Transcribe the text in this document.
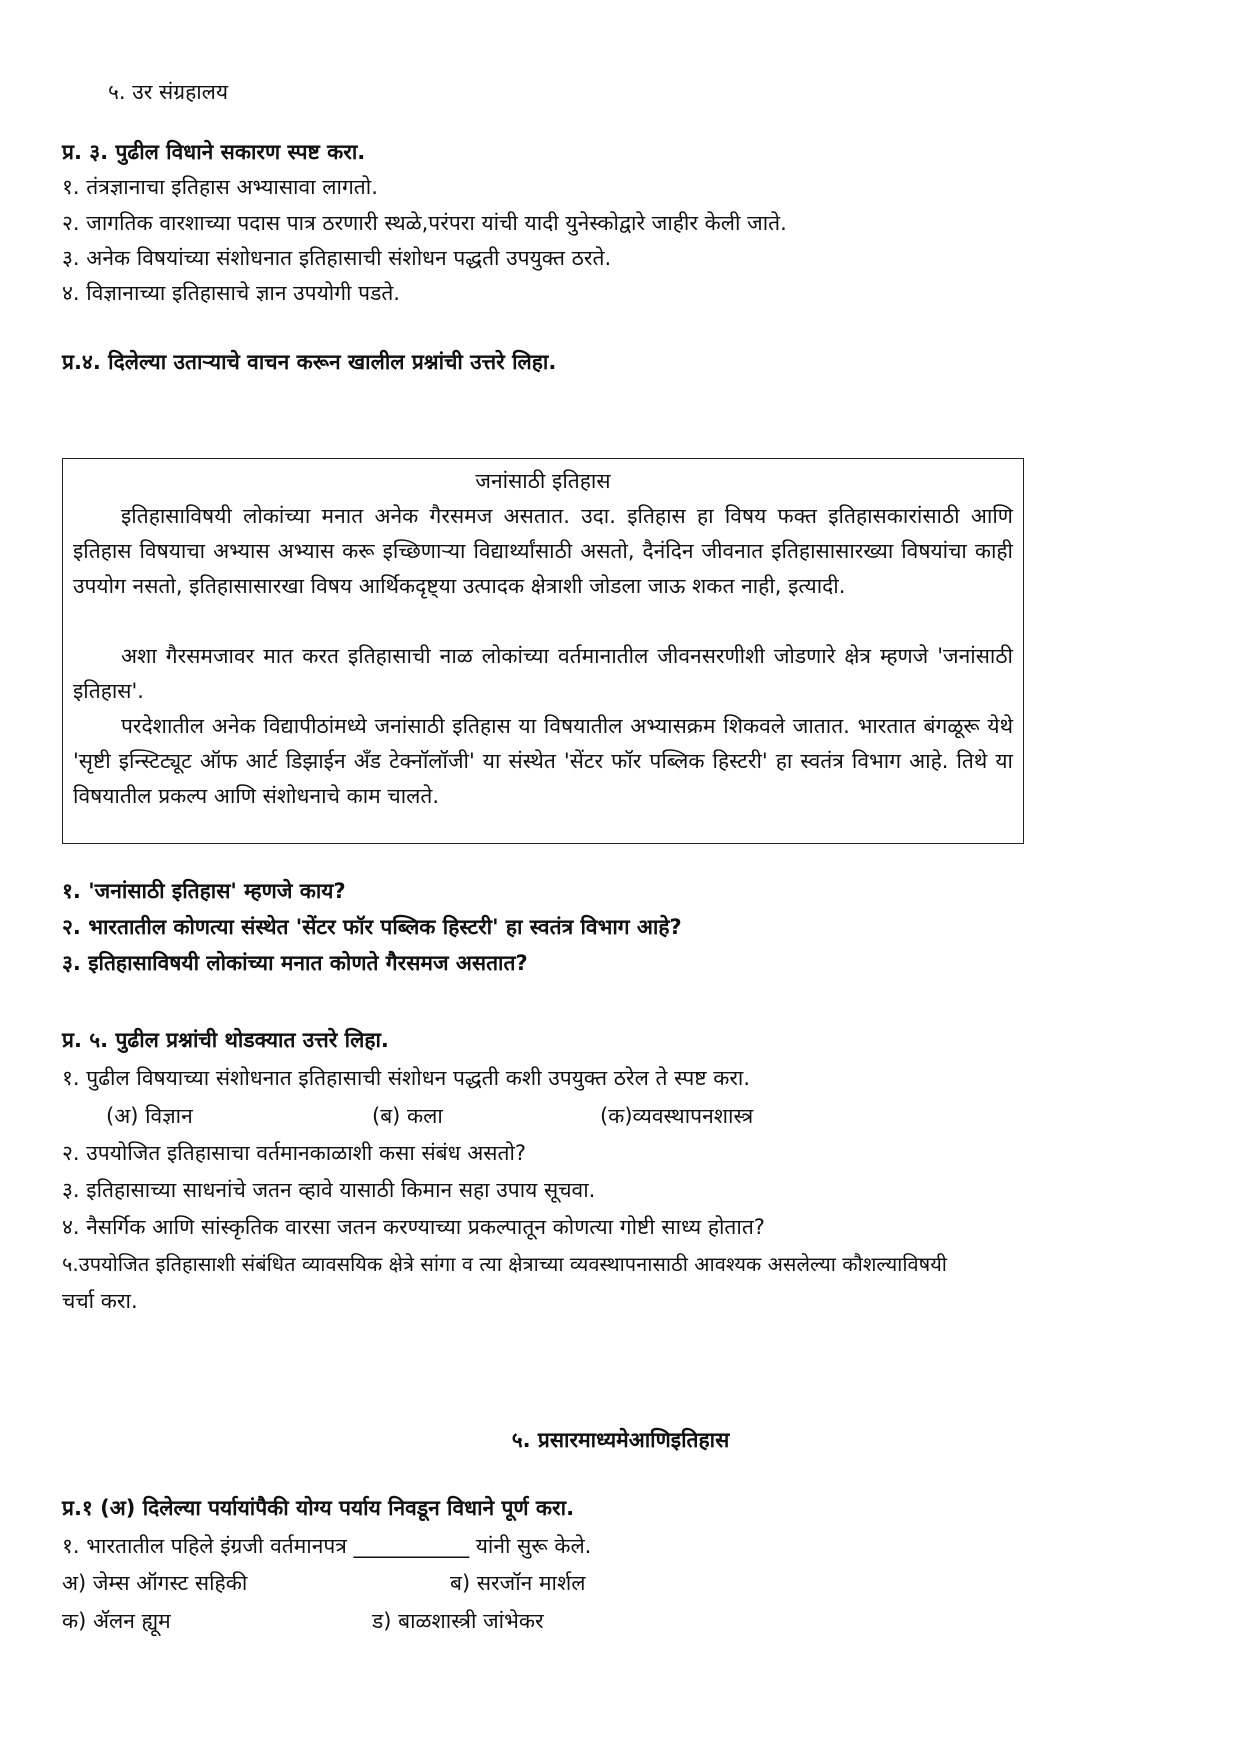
५. उर संग्रहालय
प्र. ३. पुढील विधाने सकारण स्पष्ट करा.
१. तंत्रज्ञानाचा इतिहास अभ्यासावा लागतो.
२. जागतिक वारशाच्या पदास पात्र ठरणारी स्थळे,परंपरा यांची यादी युनेस्कोद्वारे जाहीर केली जाते.
३. अनेक विषयांच्या संशोधनात इतिहासाची संशोधन पद्धती उपयुक्त ठरते.
४. विज्ञानाच्या इतिहासाचे ज्ञान उपयोगी पडते.
प्र.४. दिलेल्या उताऱ्याचे वाचन करून खालील प्रश्नांची उत्तरे लिहा.
जनांसाठी इतिहास
इतिहासाविषयी लोकांच्या मनात अनेक गैरसमज असतात. उदा. इतिहास हा विषय फक्त इतिहासकारांसाठी आणि इतिहास विषयाचा अभ्यास अभ्यास करू इच्छिणाऱ्या विद्यार्थ्यांसाठी असतो, दैनंदिन जीवनात इतिहासासारख्या विषयांचा काही उपयोग नसतो, इतिहासासारखा विषय आर्थिकदृष्ट्या उत्पादक क्षेत्राशी जोडला जाऊ शकत नाही, इत्यादी.
अशा गैरसमजावर मात करत इतिहासाची नाळ लोकांच्या वर्तमानातील जीवनसरणीशी जोडणारे क्षेत्र म्हणजे 'जनांसाठी इतिहास'.
परदेशातील अनेक विद्यापीठांमध्ये जनांसाठी इतिहास या विषयातील अभ्यासक्रम शिकवले जातात. भारतात बंगळूरू येथे 'सृष्टी इन्स्टिट्यूट ऑफ आर्ट डिझाईन अँड टेक्नॉलॉजी' या संस्थेत 'सेंटर फॉर पब्लिक हिस्टरी' हा स्वतंत्र विभाग आहे. तिथे या विषयातील प्रकल्प आणि संशोधनाचे काम चालते.
१. 'जनांसाठी इतिहास' म्हणजे काय?
२. भारतातील कोणत्या संस्थेत 'सेंटर फॉर पब्लिक हिस्टरी' हा स्वतंत्र विभाग आहे?
३. इतिहासाविषयी लोकांच्या मनात कोणते गैरसमज असतात?
प्र. ५. पुढील प्रश्नांची थोडक्यात उत्तरे लिहा.
१. पुढील विषयाच्या संशोधनात इतिहासाची संशोधन पद्धती कशी उपयुक्त ठरेल ते स्पष्ट करा.
(अ) विज्ञान	(ब) कला	(क)व्यवस्थापनशास्त्र
२. उपयोजित इतिहासाचा वर्तमानकाळाशी कसा संबंध असतो?
३. इतिहासाच्या साधनांचे जतन व्हावे यासाठी किमान सहा उपाय सूचवा.
४. नैसर्गिक आणि सांस्कृतिक वारसा जतन करण्याच्या प्रकल्पातून कोणत्या गोष्टी साध्य होतात?
५.उपयोजित इतिहासाशी संबंधित व्यावसयिक क्षेत्रे सांगा व त्या क्षेत्राच्या व्यवस्थापनासाठी आवश्यक असलेल्या कौशल्याविषयी
चर्चा करा.
५. प्रसारमाध्यमेआणिइतिहास
प्र.१ (अ) दिलेल्या पर्यायांपैकी योग्य पर्याय निवडून विधाने पूर्ण करा.
१. भारतातील पहिले इंग्रजी वर्तमानपत्र ___________ यांनी सुरू केले.
अ) जेम्स ऑगस्ट सहिकी	ब) सरजॉन मार्शल
क) ॲलन ह्यूम	ड) बाळशास्त्री जांभेकर
